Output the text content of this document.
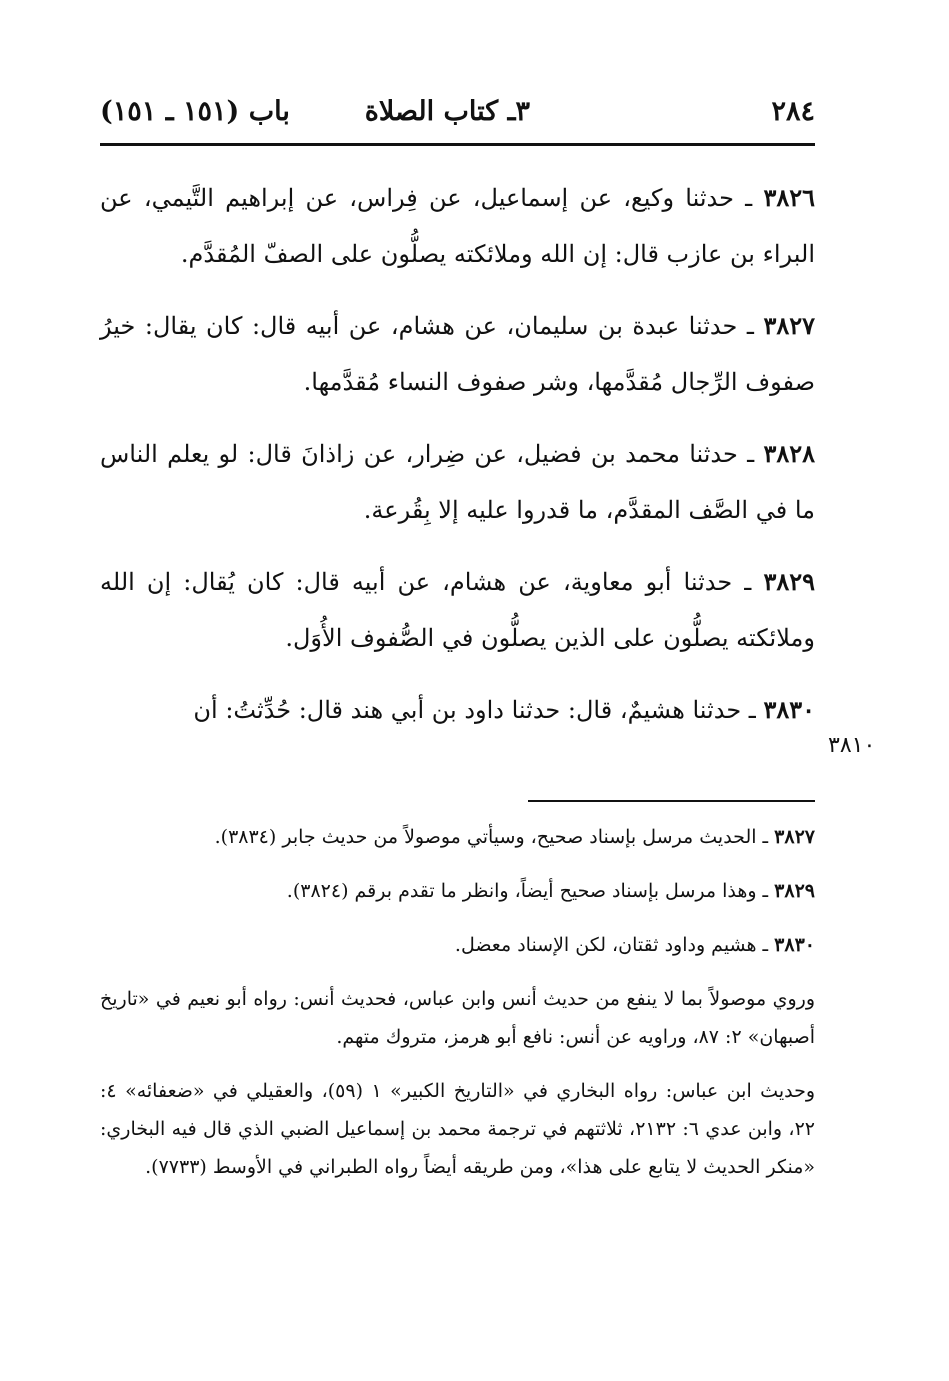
٢٨٤
٣ـ كتاب الصلاة
باب (١٥١ ـ ١٥١)

٣٨٢٦ ـ حدثنا وكيع، عن إسماعيل، عن فِراس، عن إبراهيم التَّيمي، عن البراء بن عازب قال: إن الله وملائكته يصلُّون على الصفّ المُقدَّم.

٣٨٢٧ ـ حدثنا عبدة بن سليمان، عن هشام، عن أبيه قال: كان يقال: خيرُ صفوف الرِّجال مُقدَّمها، وشر صفوف النساء مُقدَّمها.

٣٨٢٨ ـ حدثنا محمد بن فضيل، عن ضِرار، عن زاذانَ قال: لو يعلم الناس ما في الصَّف المقدَّم، ما قدروا عليه إلا بِقُرعة.

٣٨٢٩ ـ حدثنا أبو معاوية، عن هشام، عن أبيه قال: كان يُقال: إن الله وملائكته يصلُّون على الذين يصلُّون في الصُّفوف الأُوَل.

٣٨٣٠ ـ حدثنا هشيمٌ، قال: حدثنا داود بن أبي هند قال: حُدِّثتُ: أن

٣٨١٠

٣٨٢٧ ـ الحديث مرسل بإسناد صحيح، وسيأتي موصولاً من حديث جابر (٣٨٣٤).

٣٨٢٩ ـ وهذا مرسل بإسناد صحيح أيضاً، وانظر ما تقدم برقم (٣٨٢٤).

٣٨٣٠ ـ هشيم وداود ثقتان، لكن الإسناد معضل.

وروي موصولاً بما لا ينفع من حديث أنس وابن عباس، فحديث أنس: رواه أبو نعيم في «تاريخ أصبهان» ٢: ٨٧، وراويه عن أنس: نافع أبو هرمز، متروك متهم.

وحديث ابن عباس: رواه البخاري في «التاريخ الكبير» ١ (٥٩)، والعقيلي في «ضعفائه» ٤: ٢٢، وابن عدي ٦: ٢١٣٢، ثلاثتهم في ترجمة محمد بن إسماعيل الضبي الذي قال فيه البخاري: «منكر الحديث لا يتابع على هذا»، ومن طريقه أيضاً رواه الطبراني في الأوسط (٧٧٣٣).
